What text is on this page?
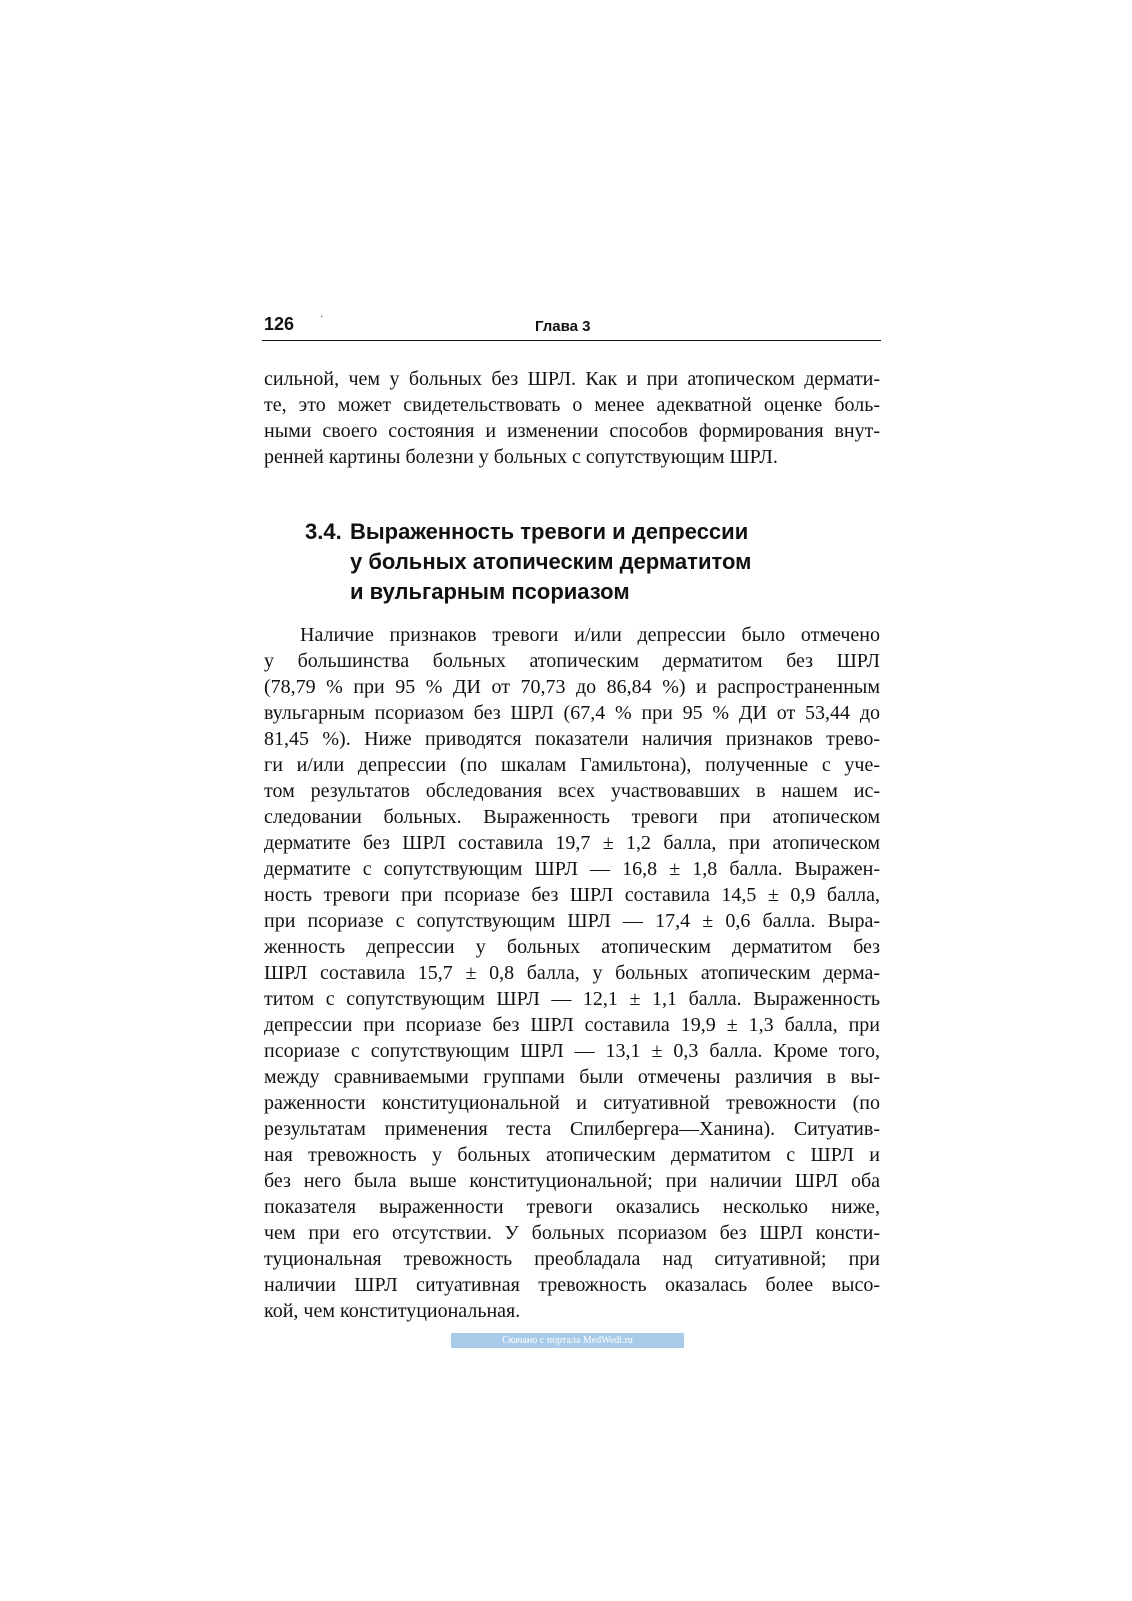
126	·
Глава 3
сильной, чем у больных без ШРЛ. Как и при атопическом дермати-
те, это может свидетельствовать о менее адекватной оценке боль-
ными своего состояния и изменении способов формирования внут-
ренней картины болезни у больных с сопутствующим ШРЛ.
3.4. Выраженность тревоги и депрессии
у больных атопическим дерматитом
и вульгарным псориазом
Наличие признаков тревоги и/или депрессии было отмечено
у большинства больных атопическим дерматитом без ШРЛ
(78,79 % при 95 % ДИ от 70,73 до 86,84 %) и распространенным
вульгарным псориазом без ШРЛ (67,4 % при 95 % ДИ от 53,44 до
81,45 %). Ниже приводятся показатели наличия признаков трево-
ги и/или депрессии (по шкалам Гамильтона), полученные с уче-
том результатов обследования всех участвовавших в нашем ис-
следовании больных. Выраженность тревоги при атопическом
дерматите без ШРЛ составила 19,7 ± 1,2 балла, при атопическом
дерматите с сопутствующим ШРЛ — 16,8 ± 1,8 балла. Выражен-
ность тревоги при псориазе без ШРЛ составила 14,5 ± 0,9 балла,
при псориазе с сопутствующим ШРЛ — 17,4 ± 0,6 балла. Выра-
женность депрессии у больных атопическим дерматитом без
ШРЛ составила 15,7 ± 0,8 балла, у больных атопическим дерма-
титом с сопутствующим ШРЛ — 12,1 ± 1,1 балла. Выраженность
депрессии при псориазе без ШРЛ составила 19,9 ± 1,3 балла, при
псориазе с сопутствующим ШРЛ — 13,1 ± 0,3 балла. Кроме того,
между сравниваемыми группами были отмечены различия в вы-
раженности конституциональной и ситуативной тревожности (по
результатам применения теста Спилбергера—Ханина). Ситуатив-
ная тревожность у больных атопическим дерматитом с ШРЛ и
без него была выше конституциональной; при наличии ШРЛ оба
показателя выраженности тревоги оказались несколько ниже,
чем при его отсутствии. У больных псориазом без ШРЛ консти-
туциональная тревожность преобладала над ситуативной; при
наличии ШРЛ ситуативная тревожность оказалась более высо-
кой, чем конституциональная.
Скачано с портала MedWedi.ru
